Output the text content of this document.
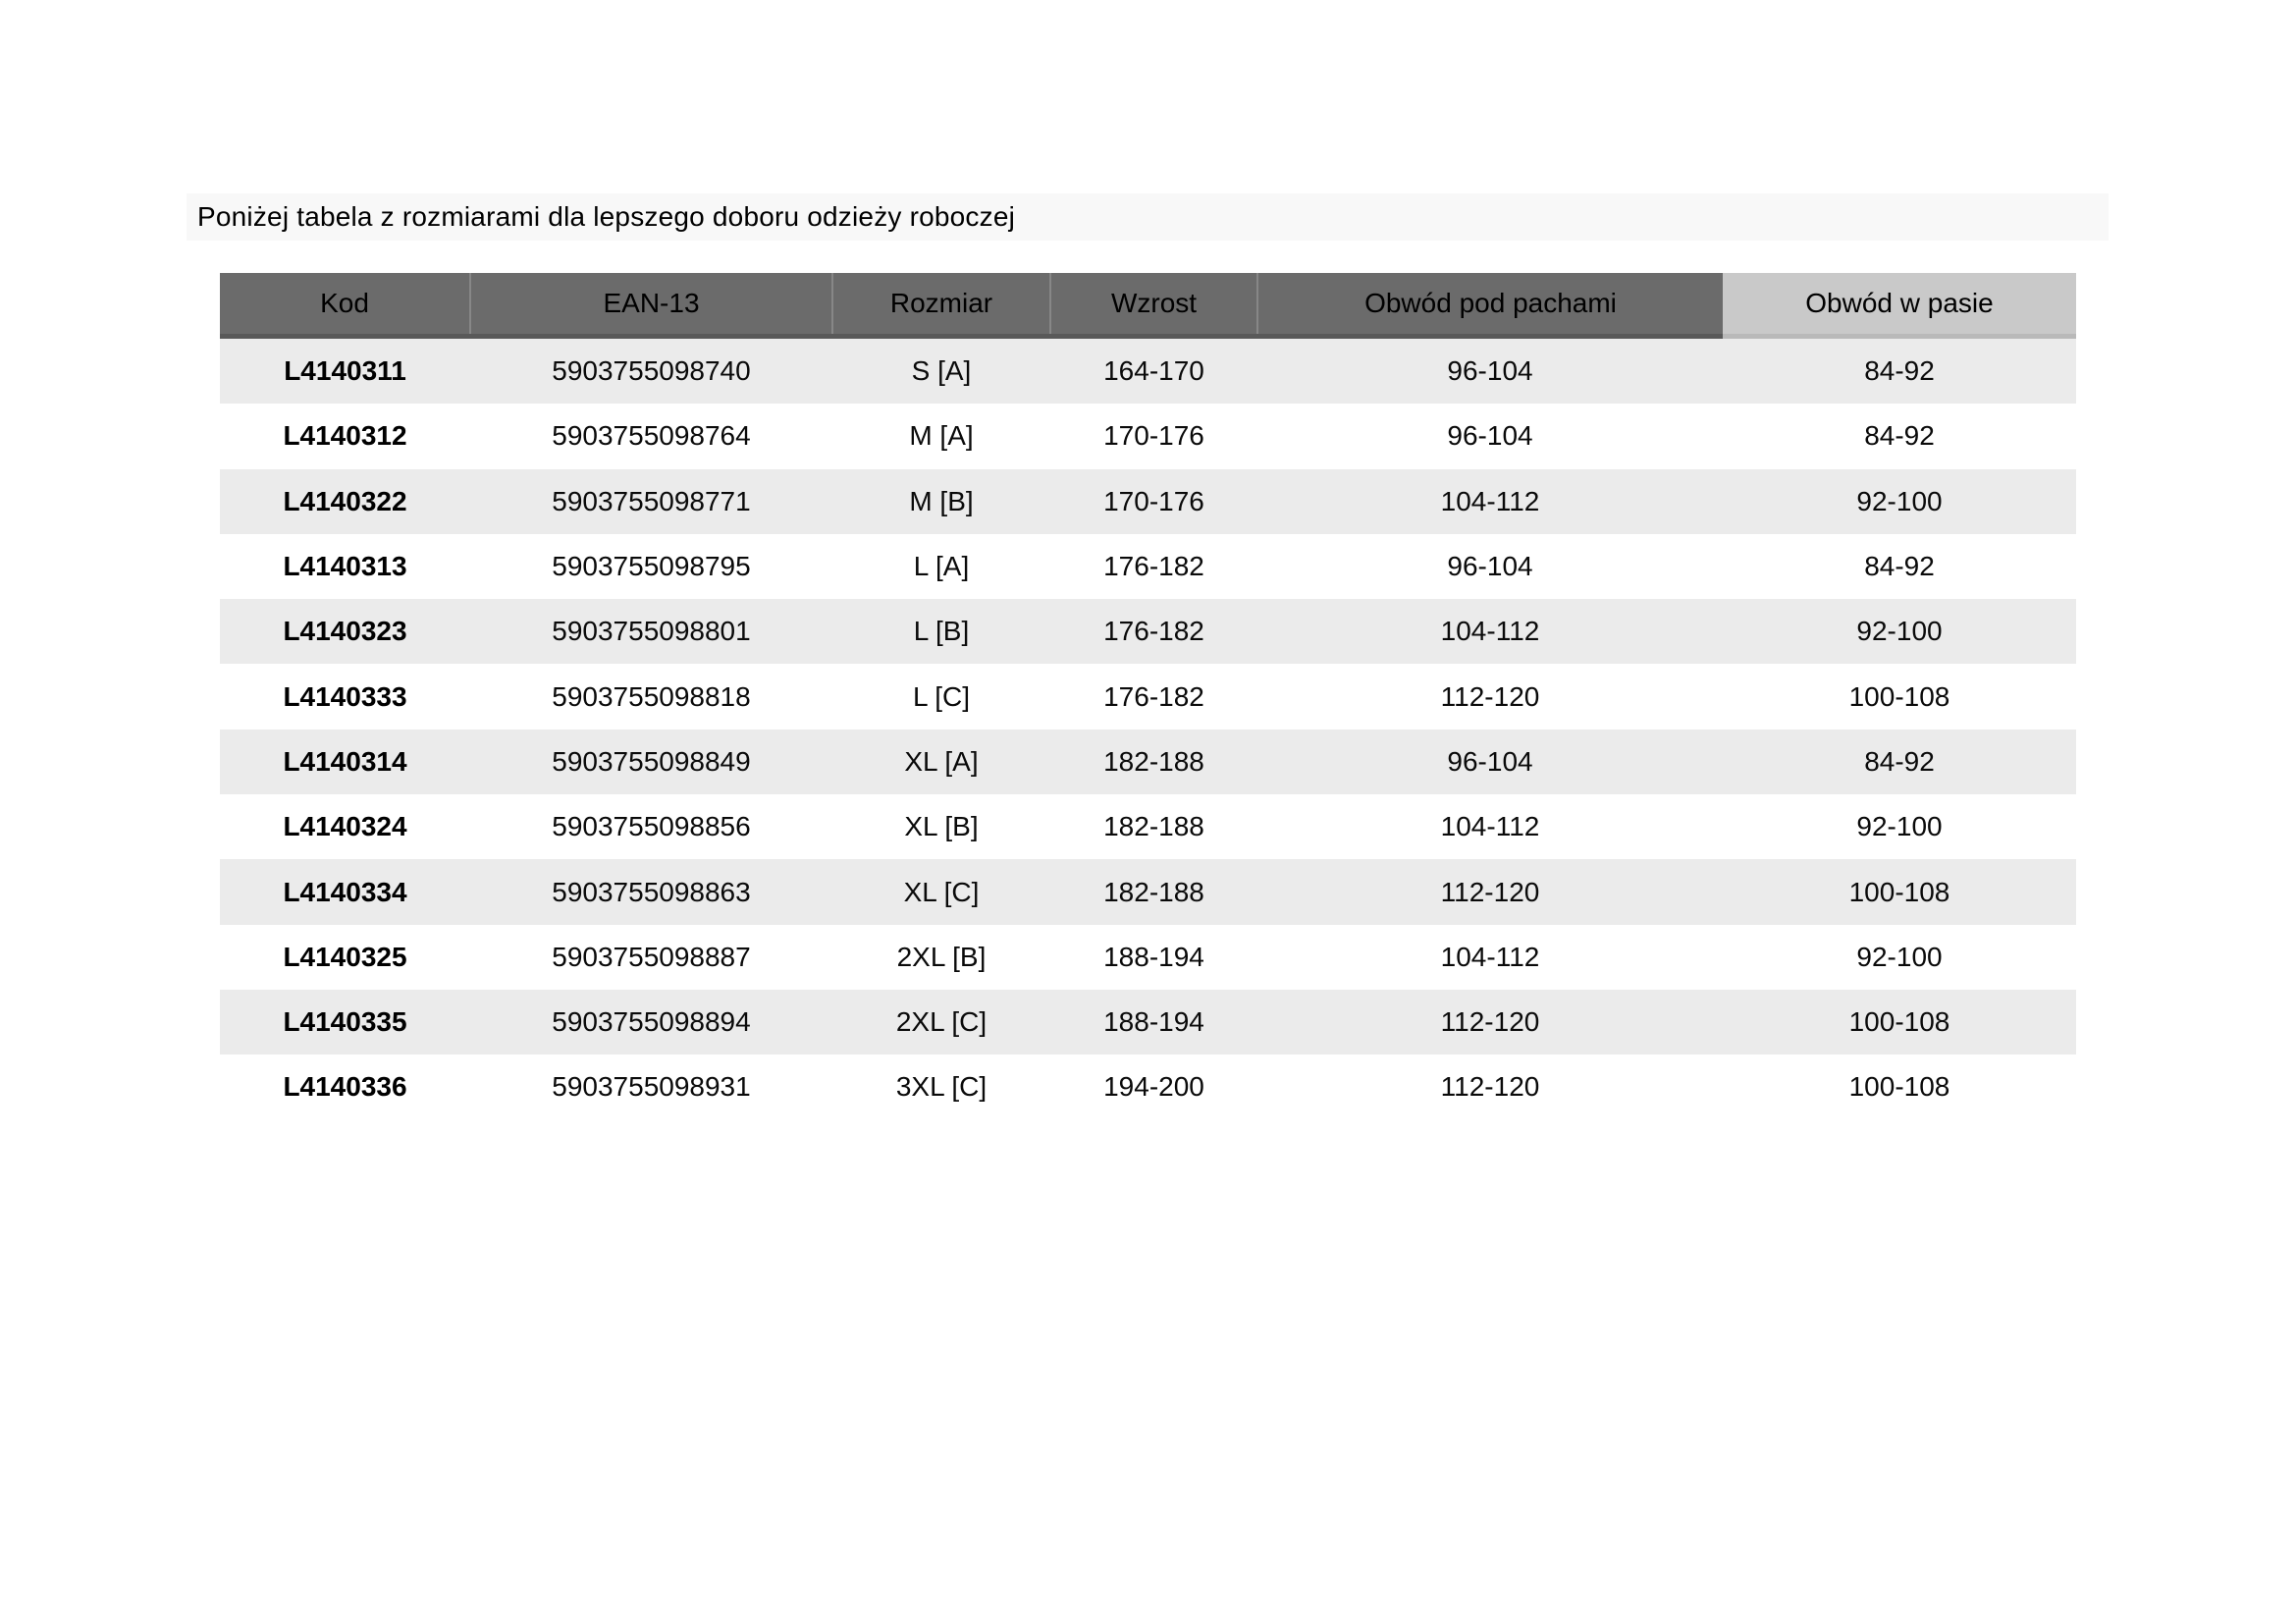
Poniżej tabela z rozmiarami dla lepszego doboru odzieży roboczej
Kod	EAN-13	Rozmiar	Wzrost	Obwód pod pachami	Obwód w pasie
L4140311	5903755098740	S [A]	164-170	96-104	84-92
L4140312	5903755098764	M [A]	170-176	96-104	84-92
L4140322	5903755098771	M [B]	170-176	104-112	92-100
L4140313	5903755098795	L [A]	176-182	96-104	84-92
L4140323	5903755098801	L [B]	176-182	104-112	92-100
L4140333	5903755098818	L [C]	176-182	112-120	100-108
L4140314	5903755098849	XL [A]	182-188	96-104	84-92
L4140324	5903755098856	XL [B]	182-188	104-112	92-100
L4140334	5903755098863	XL [C]	182-188	112-120	100-108
L4140325	5903755098887	2XL [B]	188-194	104-112	92-100
L4140335	5903755098894	2XL [C]	188-194	112-120	100-108
L4140336	5903755098931	3XL [C]	194-200	112-120	100-108
